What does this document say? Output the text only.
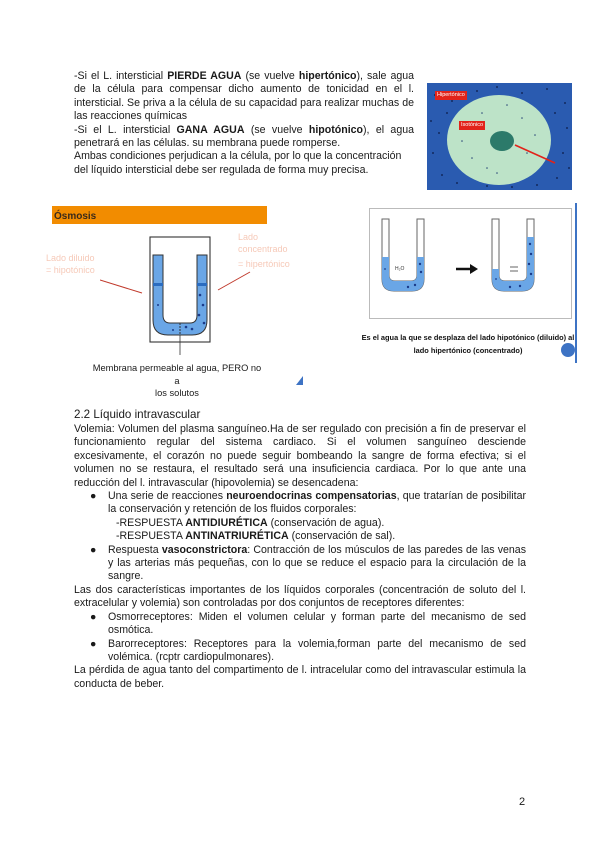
-Si el L. intersticial PIERDE AGUA (se vuelve hipertónico), sale agua de la célula para compensar dicho aumento de tonicidad en el l. intersticial. Se priva a la célula de su capacidad para realizar muchas de las reacciones químicas

-Si el L. intersticial GANA AGUA (se vuelve hipotónico), el agua penetrará en las células. su membrana puede romperse.

Ambas condiciones perjudican a la célula, por lo que la concentración del líquido intersticial debe ser regulada de forma muy precisa.

Hipertónico
Isotónico
Ósmosis
Lado diluido
= hipotónico
Lado
concentrado
= hipertónico
Membrana permeable al agua, PERO no a
los solutos
H₂O
Es el agua la que se desplaza del lado hipotónico (diluido) al
lado hipertónico (concentrado)
2.2 Líquido intravascular

Volemia: Volumen del plasma sanguíneo.Ha de ser regulado con precisión a fin de preservar el funcionamiento regular del sistema cardiaco. Si el volumen sanguíneo desciende excesivamente, el corazón no puede seguir bombeando la sangre de forma efectiva; si el volumen no se restaura, el resultado será una insuficiencia cardiaca. Por lo que ante una reducción del l. intravascular (hipovolemia) se desencadena:

● Una serie de reacciones neuroendocrinas compensatorias, que tratarían de posibilitar la conservación y retención de los fluidos corporales:
-RESPUESTA ANTIDIURÉTICA (conservación de agua).
-RESPUESTA ANTINATRIURÉTICA (conservación de sal).
● Respuesta vasoconstrictora: Contracción de los músculos de las paredes de las venas y las arterias más pequeñas, con lo que se reduce el espacio para la circulación de la sangre.

Las dos características importantes de los líquidos corporales (concentración de soluto del l. extracelular y volemia) son controladas por dos conjuntos de receptores diferentes:

● Osmorreceptores: Miden el volumen celular y forman parte del mecanismo de sed osmótica.
● Barorreceptores: Receptores para la volemia,forman parte del mecanismo de sed volémica. (rcptr cardiopulmonares).

La pérdida de agua tanto del compartimento de l. intracelular como del intravascular estimula la conducta de beber.

2
